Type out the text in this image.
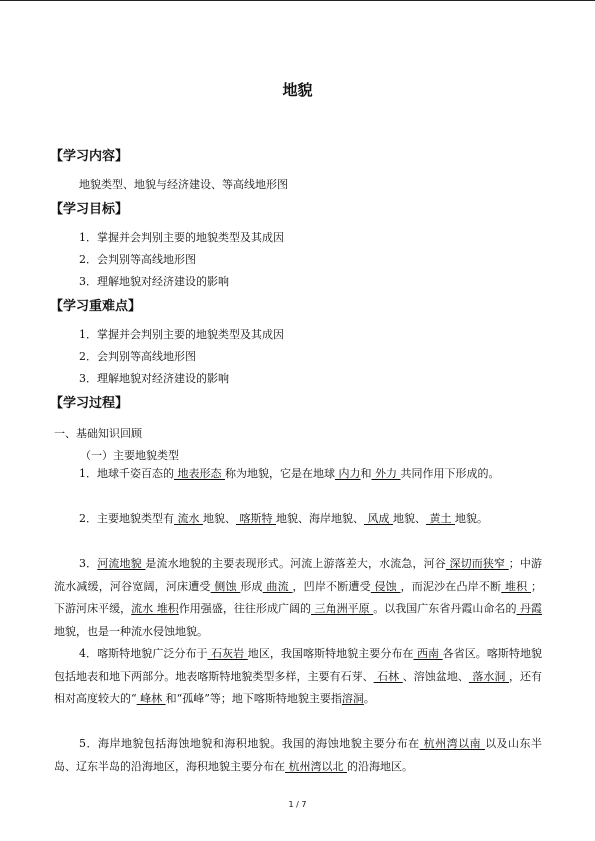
地貌
【学习内容】
地貌类型、地貌与经济建设、等高线地形图
【学习目标】
1．掌握并会判别主要的地貌类型及其成因
2．会判别等高线地形图
3．理解地貌对经济建设的影响
【学习重难点】
1．掌握并会判别主要的地貌类型及其成因
2．会判别等高线地形图
3．理解地貌对经济建设的影响
【学习过程】
一、基础知识回顾
（一）主要地貌类型
1．地球千姿百态的 地表形态 称为地貌，它是在地球 内力和 外力 共同作用下形成的。
2．主要地貌类型有 流水 地貌、 喀斯特 地貌、海岸地貌、 风成 地貌、 黄土 地貌。
3．河流地貌 是流水地貌的主要表现形式。河流上游落差大，水流急，河谷 深切而狭窄 ；中游流水减缓，河谷宽阔，河床遭受 侧蚀 形成 曲流 ，凹岸不断遭受 侵蚀 ，而泥沙在凸岸不断 堆积 ；下游河床平缓，流水 堆积作用强盛，往往形成广阔的 三角洲平原 。以我国广东省丹霞山命名的 丹霞 地貌，也是一种流水侵蚀地貌。
4．喀斯特地貌广泛分布于 石灰岩 地区，我国喀斯特地貌主要分布在 西南 各省区。喀斯特地貌包括地表和地下两部分。地表喀斯特地貌类型多样，主要有石芽、 石林 、溶蚀盆地、 落水洞 ，还有相对高度较大的“ 峰林 和“孤峰”等；地下喀斯特地貌主要指溶洞。
5．海岸地貌包括海蚀地貌和海积地貌。我国的海蚀地貌主要分布在 杭州湾以南 以及山东半岛、辽东半岛的沿海地区，海积地貌主要分布在 杭州湾以北 的沿海地区。
1 / 7
